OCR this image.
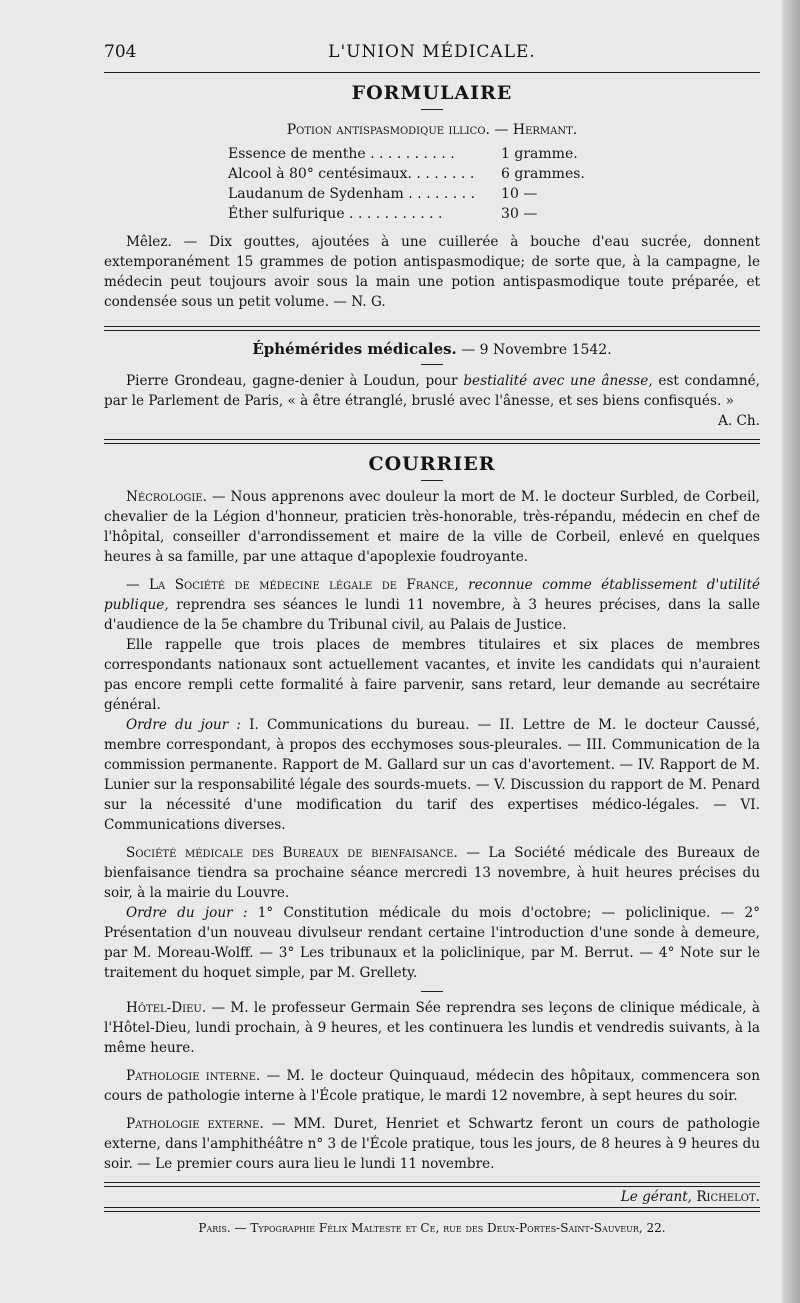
704	L'UNION MÉDICALE.
FORMULAIRE
Potion antispasmodique illico. — Hermant.
Essence de menthe . . . . . . . . . .	1 gramme.
Alcool à 80° centésimaux. . . . . . . .	6 grammes.
Laudanum de Sydenham . . . . . . . .	10 —
Éther sulfurique . . . . . . . . . . .	30 —

Mêlez. — Dix gouttes, ajoutées à une cuillerée à bouche d'eau sucrée, donnent extemporanément 15 grammes de potion antispasmodique; de sorte que, à la campagne, le médecin peut toujours avoir sous la main une potion antispasmodique toute préparée, et condensée sous un petit volume. — N. G.

Éphémérides médicales. — 9 Novembre 1542.

Pierre Grondeau, gagne-denier à Loudun, pour bestialité avec une ânesse, est condamné, par le Parlement de Paris, « à être étranglé, bruslé avec l'ânesse, et ses biens confisqués. »

A. Ch.

COURRIER

Nécrologie. — Nous apprenons avec douleur la mort de M. le docteur Surbled, de Corbeil, chevalier de la Légion d'honneur, praticien très-honorable, très-répandu, médecin en chef de l'hôpital, conseiller d'arrondissement et maire de la ville de Corbeil, enlevé en quelques heures à sa famille, par une attaque d'apoplexie foudroyante.

— La Société de médecine légale de France, reconnue comme établissement d'utilité publique, reprendra ses séances le lundi 11 novembre, à 3 heures précises, dans la salle d'audience de la 5e chambre du Tribunal civil, au Palais de Justice.

Elle rappelle que trois places de membres titulaires et six places de membres correspondants nationaux sont actuellement vacantes, et invite les candidats qui n'auraient pas encore rempli cette formalité à faire parvenir, sans retard, leur demande au secrétaire général.

Ordre du jour : I. Communications du bureau. — II. Lettre de M. le docteur Caussé, membre correspondant, à propos des ecchymoses sous-pleurales. — III. Communication de la commission permanente. Rapport de M. Gallard sur un cas d'avortement. — IV. Rapport de M. Lunier sur la responsabilité légale des sourds-muets. — V. Discussion du rapport de M. Penard sur la nécessité d'une modification du tarif des expertises médico-légales. — VI. Communications diverses.

Société médicale des Bureaux de bienfaisance. — La Société médicale des Bureaux de bienfaisance tiendra sa prochaine séance mercredi 13 novembre, à huit heures précises du soir, à la mairie du Louvre.

Ordre du jour : 1° Constitution médicale du mois d'octobre; — policlinique. — 2° Présentation d'un nouveau divulseur rendant certaine l'introduction d'une sonde à demeure, par M. Moreau-Wolff. — 3° Les tribunaux et la policlinique, par M. Berrut. — 4° Note sur le traitement du hoquet simple, par M. Grellety.

Hôtel-Dieu. — M. le professeur Germain Sée reprendra ses leçons de clinique médicale, à l'Hôtel-Dieu, lundi prochain, à 9 heures, et les continuera les lundis et vendredis suivants, à la même heure.

Pathologie interne. — M. le docteur Quinquaud, médecin des hôpitaux, commencera son cours de pathologie interne à l'École pratique, le mardi 12 novembre, à sept heures du soir.

Pathologie externe. — MM. Duret, Henriet et Schwartz feront un cours de pathologie externe, dans l'amphithéâtre n° 3 de l'École pratique, tous les jours, de 8 heures à 9 heures du soir. — Le premier cours aura lieu le lundi 11 novembre.

Le gérant, Richelot.

Paris. — Typographie Félix Malteste et Ce, rue des Deux-Portes-Saint-Sauveur, 22.
